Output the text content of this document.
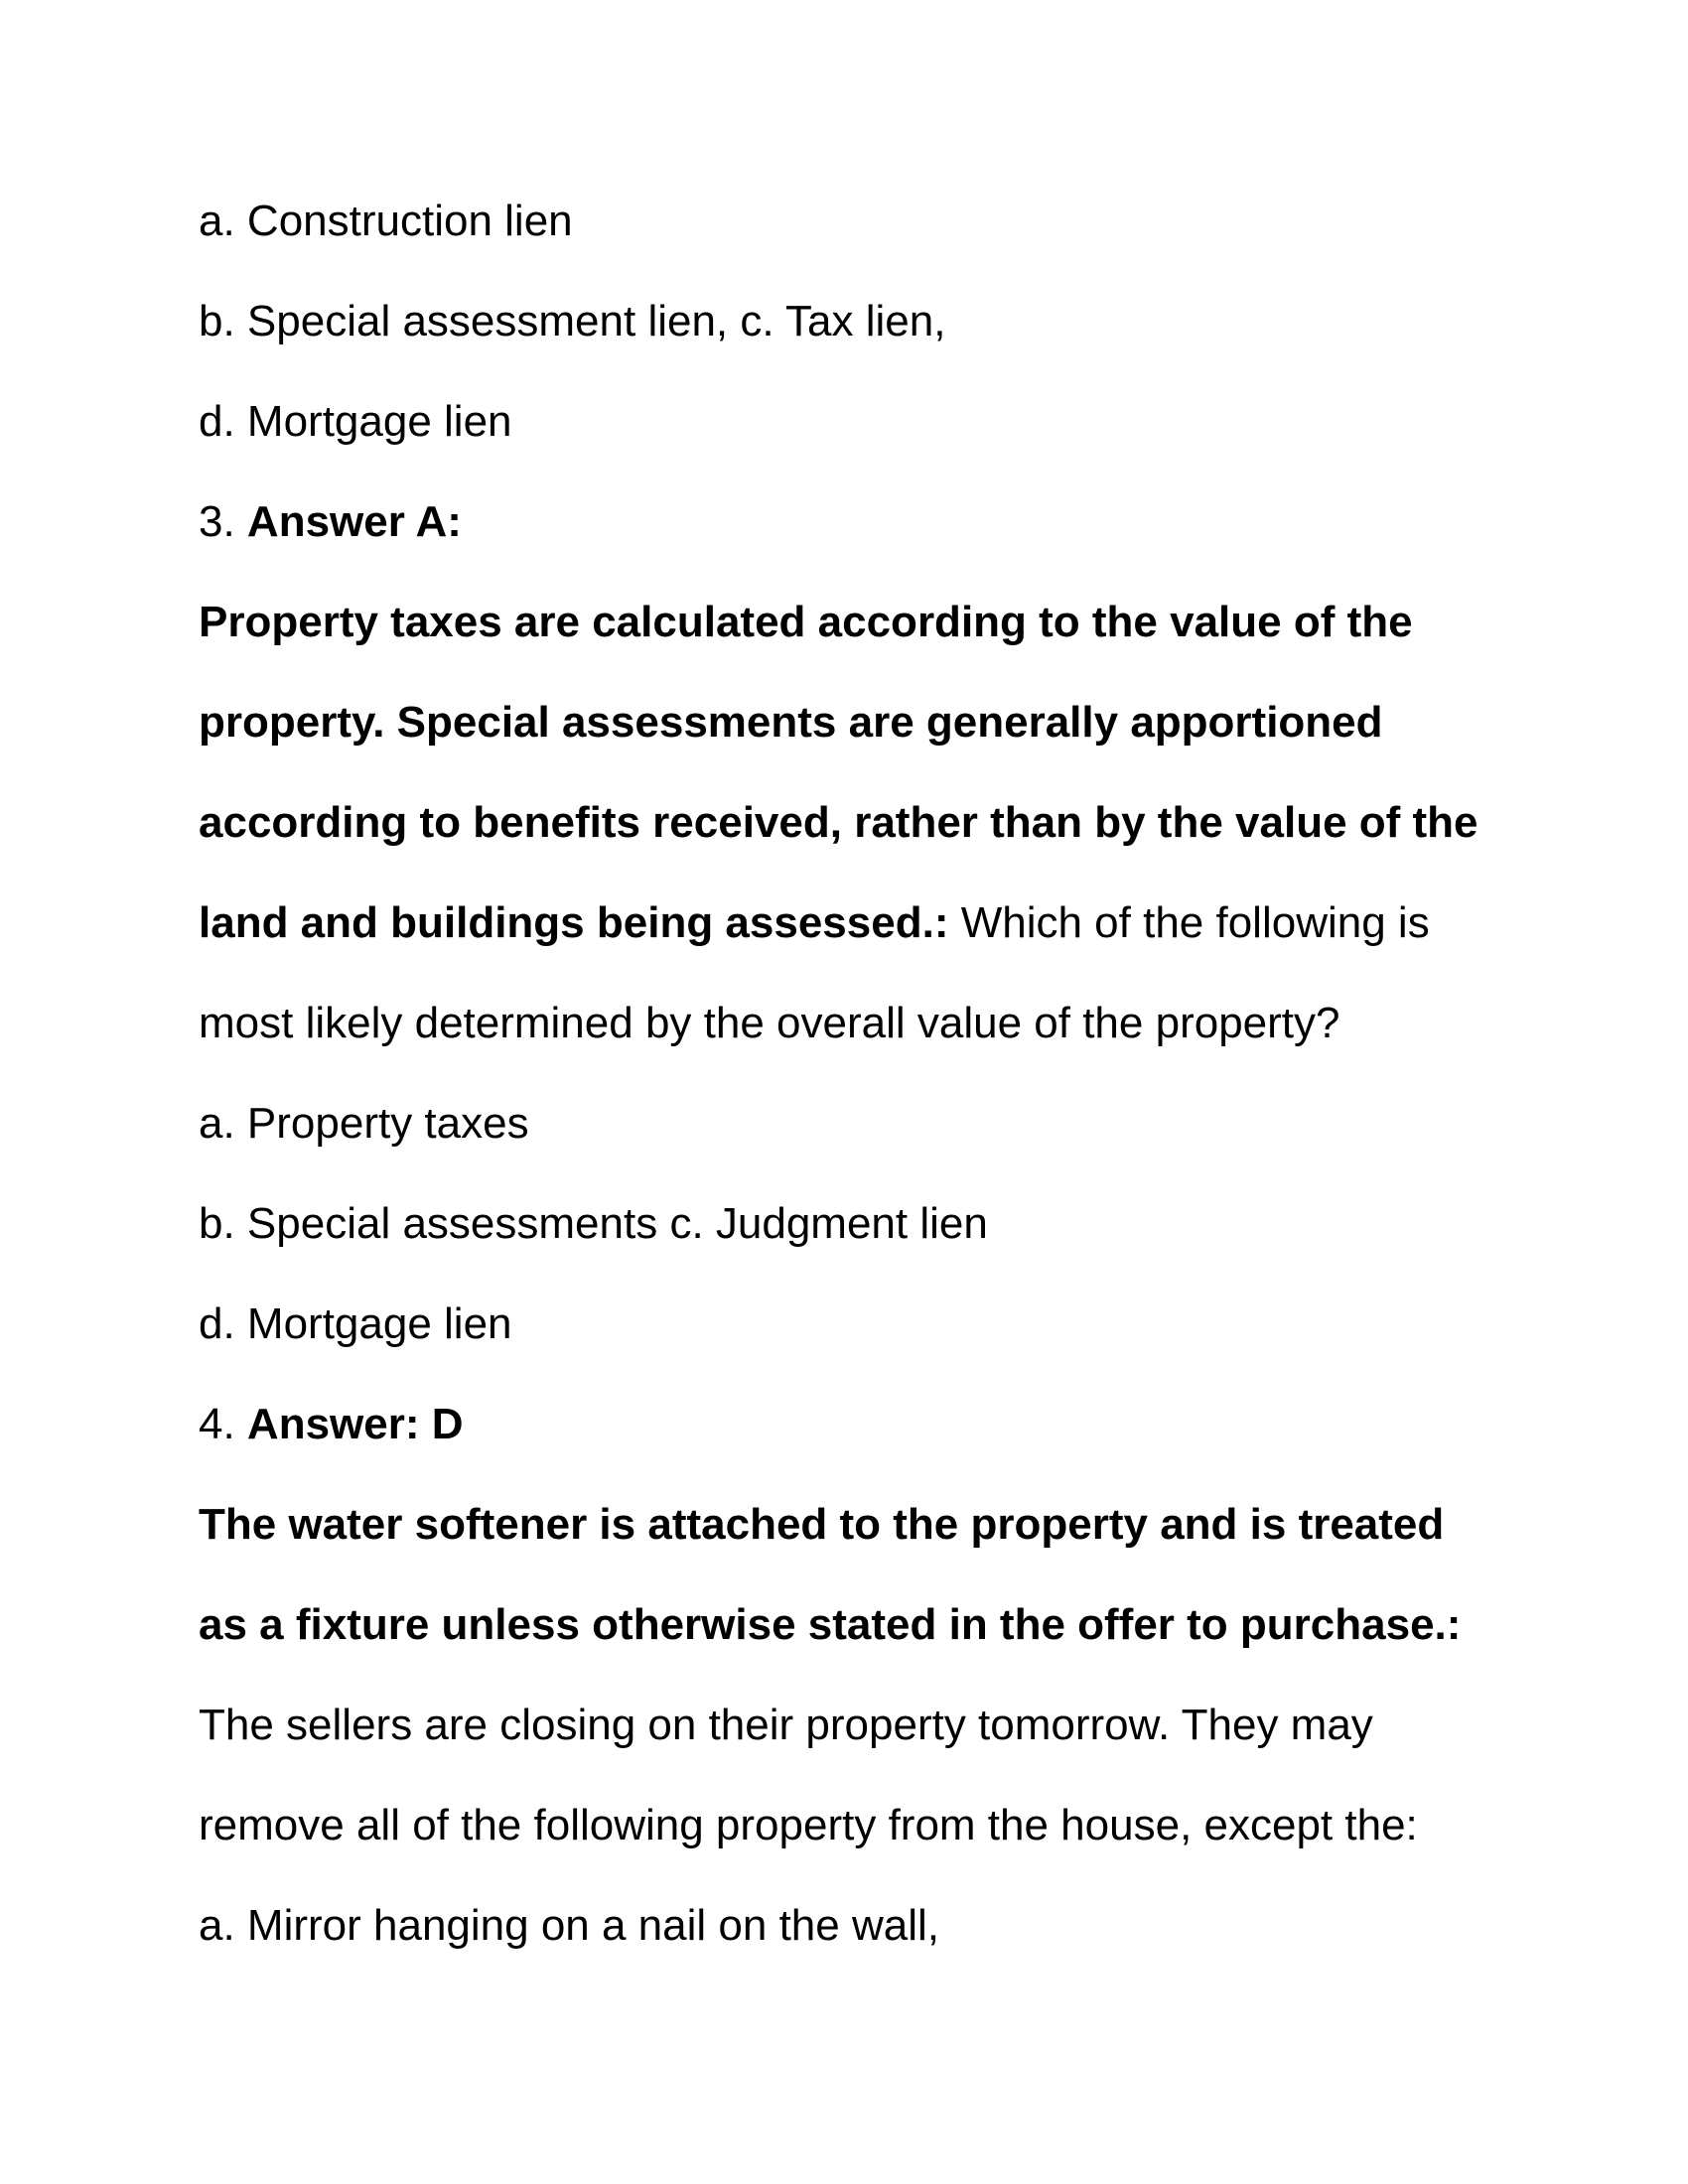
a. Construction lien
b. Special assessment lien, c. Tax lien,
d. Mortgage lien
3. Answer A:
Property taxes are calculated according to the value of the
property. Special assessments are generally apportioned
according to benefits received, rather than by the value of the
land and buildings being assessed.: Which of the following is
most likely determined by the overall value of the property?
a. Property taxes
b. Special assessments c. Judgment lien
d. Mortgage lien
4. Answer: D
The water softener is attached to the property and is treated
as a fixture unless otherwise stated in the offer to purchase.:
The sellers are closing on their property tomorrow. They may
remove all of the following property from the house, except the:
a. Mirror hanging on a nail on the wall,
